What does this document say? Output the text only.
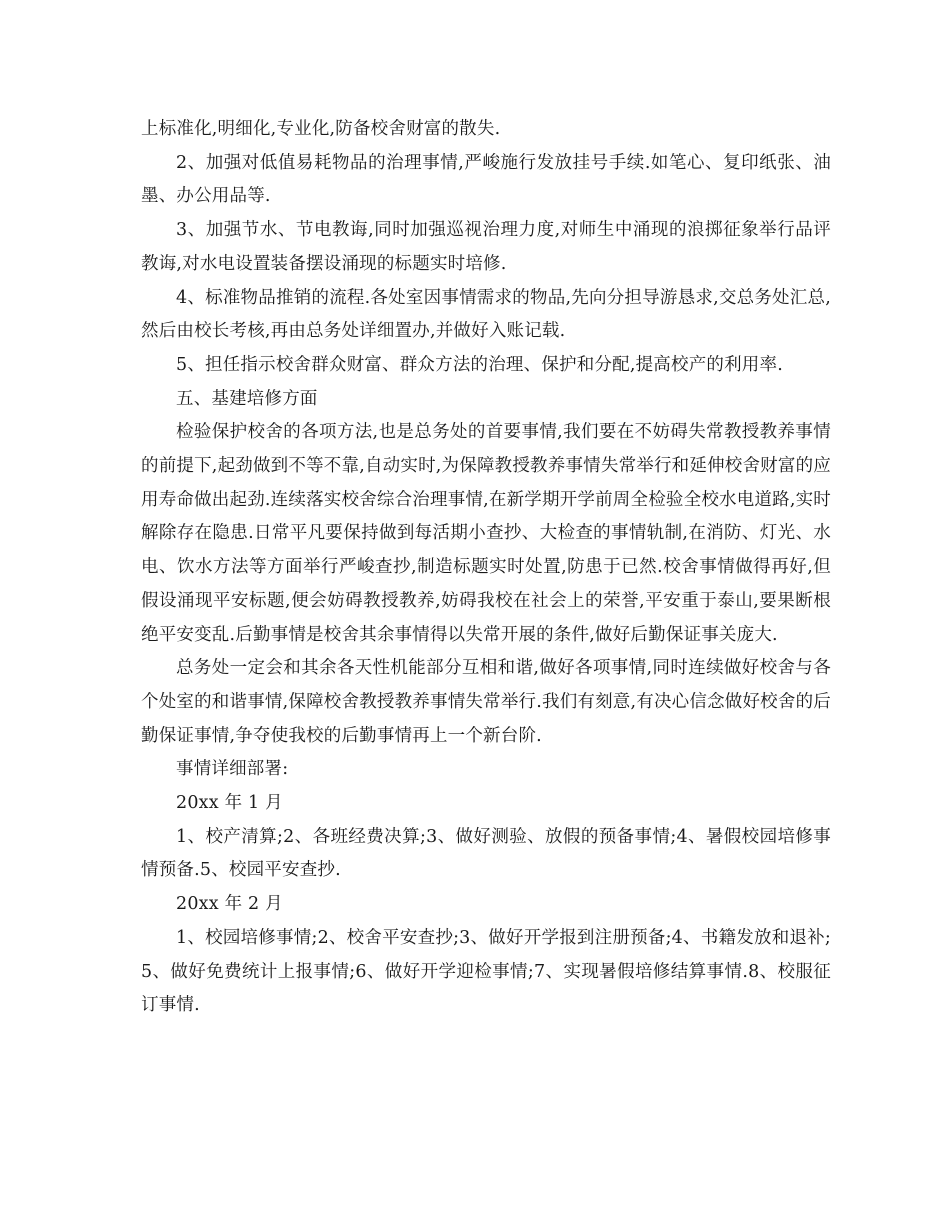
上标准化,明细化,专业化,防备校舍财富的散失.

2、加强对低值易耗物品的治理事情,严峻施行发放挂号手续.如笔心、复印纸张、油墨、办公用品等.

3、加强节水、节电教诲,同时加强巡视治理力度,对师生中涌现的浪掷征象举行品评教诲,对水电设置装备摆设涌现的标题实时培修.

4、标准物品推销的流程.各处室因事情需求的物品,先向分担导游恳求,交总务处汇总,然后由校长考核,再由总务处详细置办,并做好入账记载.

5、担任指示校舍群众财富、群众方法的治理、保护和分配,提高校产的利用率.

五、基建培修方面

检验保护校舍的各项方法,也是总务处的首要事情,我们要在不妨碍失常教授教养事情的前提下,起劲做到不等不靠,自动实时,为保障教授教养事情失常举行和延伸校舍财富的应用寿命做出起劲.连续落实校舍综合治理事情,在新学期开学前周全检验全校水电道路,实时解除存在隐患.日常平凡要保持做到每活期小查抄、大检查的事情轨制,在消防、灯光、水电、饮水方法等方面举行严峻查抄,制造标题实时处置,防患于已然.校舍事情做得再好,但假设涌现平安标题,便会妨碍教授教养,妨碍我校在社会上的荣誉,平安重于泰山,要果断根绝平安变乱.后勤事情是校舍其余事情得以失常开展的条件,做好后勤保证事关庞大.

总务处一定会和其余各天性机能部分互相和谐,做好各项事情,同时连续做好校舍与各个处室的和谐事情,保障校舍教授教养事情失常举行.我们有刻意,有决心信念做好校舍的后勤保证事情,争夺使我校的后勤事情再上一个新台阶.

事情详细部署:

20xx 年 1 月

1、校产清算;2、各班经费决算;3、做好测验、放假的预备事情;4、暑假校园培修事情预备.5、校园平安查抄.

20xx 年 2 月

1、校园培修事情;2、校舍平安查抄;3、做好开学报到注册预备;4、书籍发放和退补;5、做好免费统计上报事情;6、做好开学迎检事情;7、实现暑假培修结算事情.8、校服征订事情.
